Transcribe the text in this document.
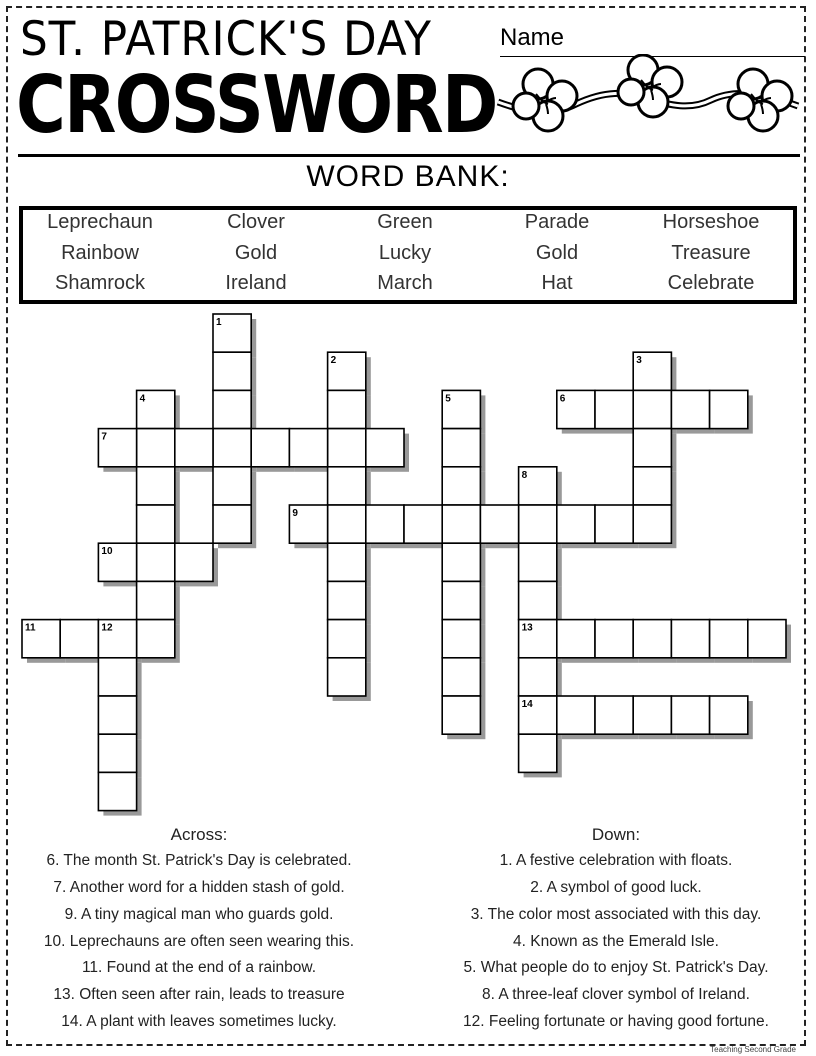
ST. PATRICK'S DAY
CROSSWORD
Name
WORD BANK:
Leprechaun	Clover	Green	Parade	Horseshoe
Rainbow	Gold	Lucky	Gold	Treasure
Shamrock	Ireland	March	Hat	Celebrate
1
2	3
4	5	6
7
8
13
14
9
10
11	12
Across:	Down:
6. The month St. Patrick's Day is celebrated.
7. Another word for a hidden stash of gold.
9. A tiny magical man who guards gold.
10. Leprechauns are often seen wearing this.
11. Found at the end of a rainbow.
13. Often seen after rain, leads to treasure
14. A plant with leaves sometimes lucky.
1. A festive celebration with floats.
2. A symbol of good luck.
3. The color most associated with this day.
4. Known as the Emerald Isle.
5. What people do to enjoy St. Patrick's Day.
8. A three-leaf clover symbol of Ireland.
12. Feeling fortunate or having good fortune.
Teaching Second Grade
